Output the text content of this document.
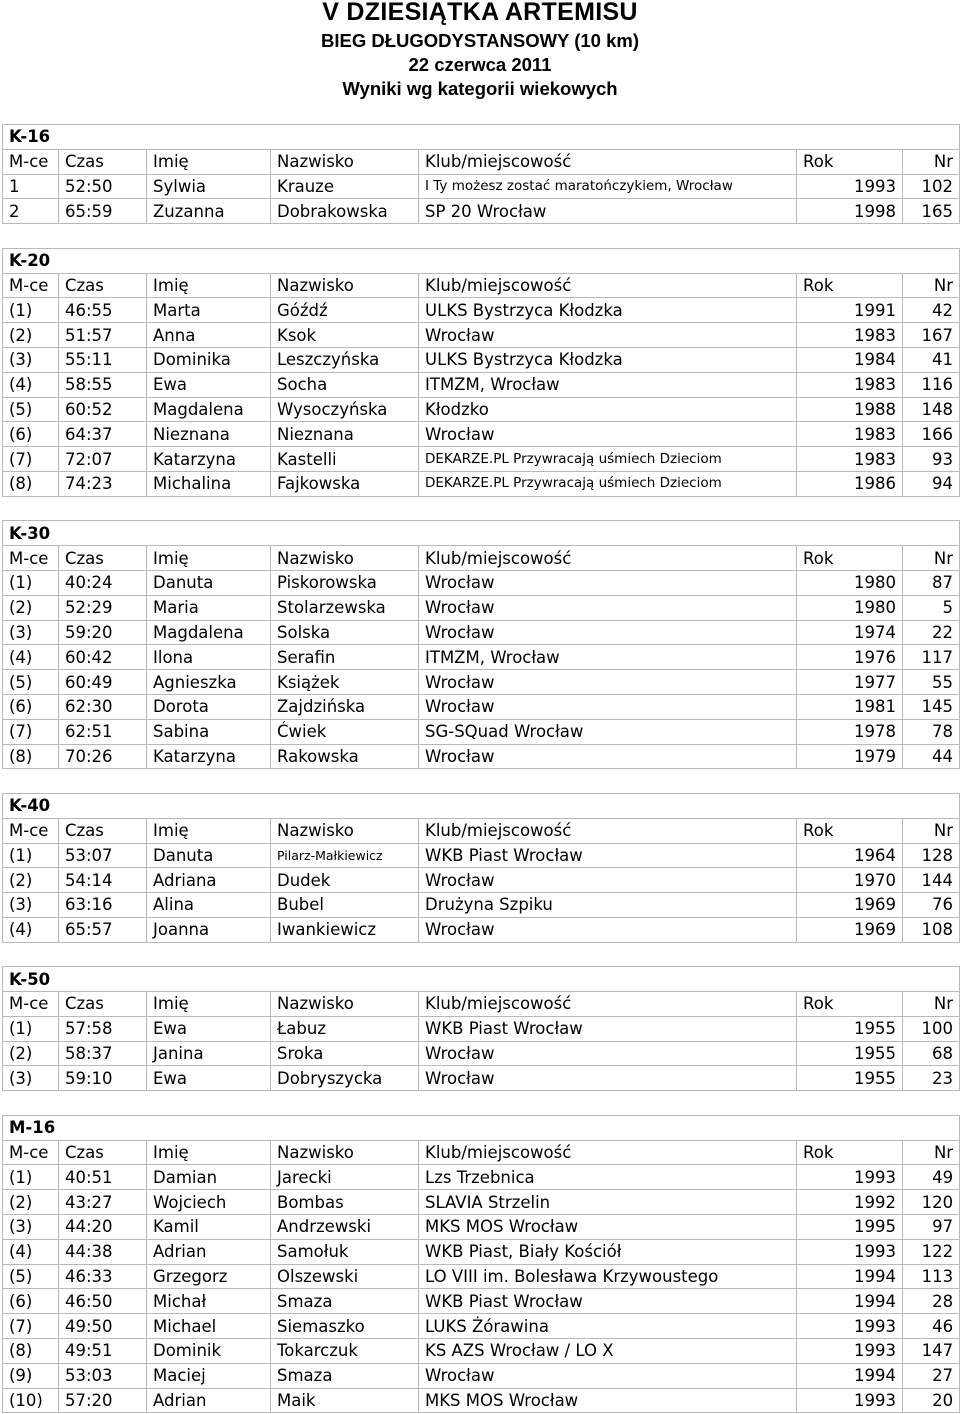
V DZIESIĄTKA ARTEMISU
BIEG DŁUGODYSTANSOWY (10 km)
22 czerwca 2011
Wyniki wg kategorii wiekowych
K-16						
M-ce	Czas	Imię	Nazwisko	Klub/miejscowość	Rok	Nr
1	52:50	Sylwia	Krauze	I Ty możesz zostać maratończykiem, Wrocław	1993	102
2	65:59	Zuzanna	Dobrakowska	SP 20 Wrocław	1998	165
K-20						
M-ce	Czas	Imię	Nazwisko	Klub/miejscowość	Rok	Nr
(1)	46:55	Marta	Góźdź	ULKS Bystrzyca Kłodzka	1991	42
(2)	51:57	Anna	Ksok	Wrocław	1983	167
(3)	55:11	Dominika	Leszczyńska	ULKS Bystrzyca Kłodzka	1984	41
(4)	58:55	Ewa	Socha	ITMZM, Wrocław	1983	116
(5)	60:52	Magdalena	Wysoczyńska	Kłodzko	1988	148
(6)	64:37	Nieznana	Nieznana	Wrocław	1983	166
(7)	72:07	Katarzyna	Kastelli	DEKARZE.PL Przywracają uśmiech Dzieciom	1983	93
(8)	74:23	Michalina	Fajkowska	DEKARZE.PL Przywracają uśmiech Dzieciom	1986	94
K-30						
M-ce	Czas	Imię	Nazwisko	Klub/miejscowość	Rok	Nr
(1)	40:24	Danuta	Piskorowska	Wrocław	1980	87
(2)	52:29	Maria	Stolarzewska	Wrocław	1980	5
(3)	59:20	Magdalena	Solska	Wrocław	1974	22
(4)	60:42	Ilona	Serafin	ITMZM, Wrocław	1976	117
(5)	60:49	Agnieszka	Książek	Wrocław	1977	55
(6)	62:30	Dorota	Zajdzińska	Wrocław	1981	145
(7)	62:51	Sabina	Ćwiek	SG-SQuad Wrocław	1978	78
(8)	70:26	Katarzyna	Rakowska	Wrocław	1979	44
K-40						
M-ce	Czas	Imię	Nazwisko	Klub/miejscowość	Rok	Nr
(1)	53:07	Danuta	Pilarz-Małkiewicz	WKB Piast Wrocław	1964	128
(2)	54:14	Adriana	Dudek	Wrocław	1970	144
(3)	63:16	Alina	Bubel	Drużyna Szpiku	1969	76
(4)	65:57	Joanna	Iwankiewicz	Wrocław	1969	108
K-50						
M-ce	Czas	Imię	Nazwisko	Klub/miejscowość	Rok	Nr
(1)	57:58	Ewa	Łabuz	WKB Piast Wrocław	1955	100
(2)	58:37	Janina	Sroka	Wrocław	1955	68
(3)	59:10	Ewa	Dobryszycka	Wrocław	1955	23
M-16						
M-ce	Czas	Imię	Nazwisko	Klub/miejscowość	Rok	Nr
(1)	40:51	Damian	Jarecki	Lzs Trzebnica	1993	49
(2)	43:27	Wojciech	Bombas	SLAVIA Strzelin	1992	120
(3)	44:20	Kamil	Andrzewski	MKS MOS Wrocław	1995	97
(4)	44:38	Adrian	Samołuk	WKB Piast, Biały Kościół	1993	122
(5)	46:33	Grzegorz	Olszewski	LO VIII im. Bolesława Krzywoustego	1994	113
(6)	46:50	Michał	Smaza	WKB Piast Wrocław	1994	28
(7)	49:50	Michael	Siemaszko	LUKS Żórawina	1993	46
(8)	49:51	Dominik	Tokarczuk	KS AZS Wrocław / LO X	1993	147
(9)	53:03	Maciej	Smaza	Wrocław	1994	27
(10)	57:20	Adrian	Maik	MKS MOS Wrocław	1993	20
